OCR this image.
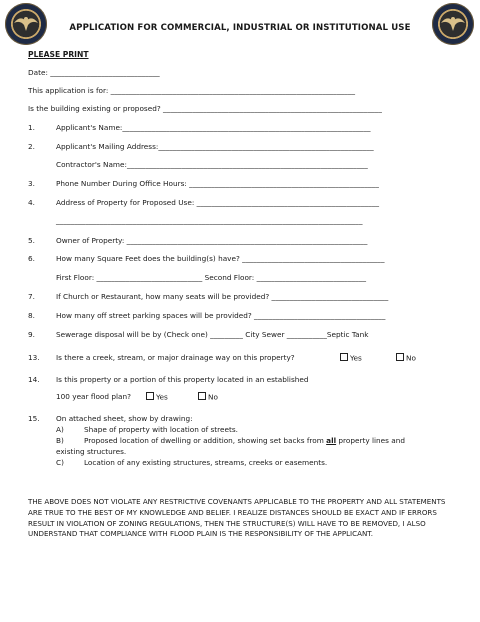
APPLICATION FOR COMMERCIAL, INDUSTRIAL OR INSTITUTIONAL USE
PLEASE PRINT
Date: ______________________________
This application is for: ___________________________________________________________________
Is the building existing or proposed? ____________________________________________________________
1.	Applicant's Name:____________________________________________________________________
2.	Applicant's Mailing Address:___________________________________________________________
Contractor's Name:__________________________________________________________________
3.	Phone Number During Office Hours: ____________________________________________________
4.	Address of Property for Proposed Use: __________________________________________________
____________________________________________________________________________________
5.	Owner of Property: __________________________________________________________________
6.	How many Square Feet does the building(s) have? _______________________________________
First Floor: _____________________________ Second Floor: ______________________________
7.	If Church or Restaurant, how many seats will be provided? ________________________________
8.	How many off street parking spaces will be provided? ____________________________________
9.	Sewerage disposal will be by (Check one) _________ City Sewer ___________Septic Tank
13. Is there a creek, stream, or major drainage way on this property?	Yes	No
14. Is this property or a portion of this property located in an established
100 year flood plan?	Yes	No
15. On attached sheet, show by drawing:
A)	Shape of property with location of streets.
B)	Proposed location of dwelling or addition, showing set backs from all property lines and
existing structures.
C)	Location of any existing structures, streams, creeks or easements.
THE ABOVE DOES NOT VIOLATE ANY RESTRICTIVE COVENANTS APPLICABLE TO THE PROPERTY AND ALL STATEMENTS ARE TRUE TO THE BEST OF MY KNOWLEDGE AND BELIEF. I REALIZE DISTANCES SHOULD BE EXACT AND IF ERRORS RESULT IN VIOLATION OF ZONING REGULATIONS, THEN THE STRUCTURE(S) WILL HAVE TO BE REMOVED, I ALSO UNDERSTAND THAT COMPLIANCE WITH FLOOD PLAIN IS THE RESPONSIBILITY OF THE APPLICANT.
